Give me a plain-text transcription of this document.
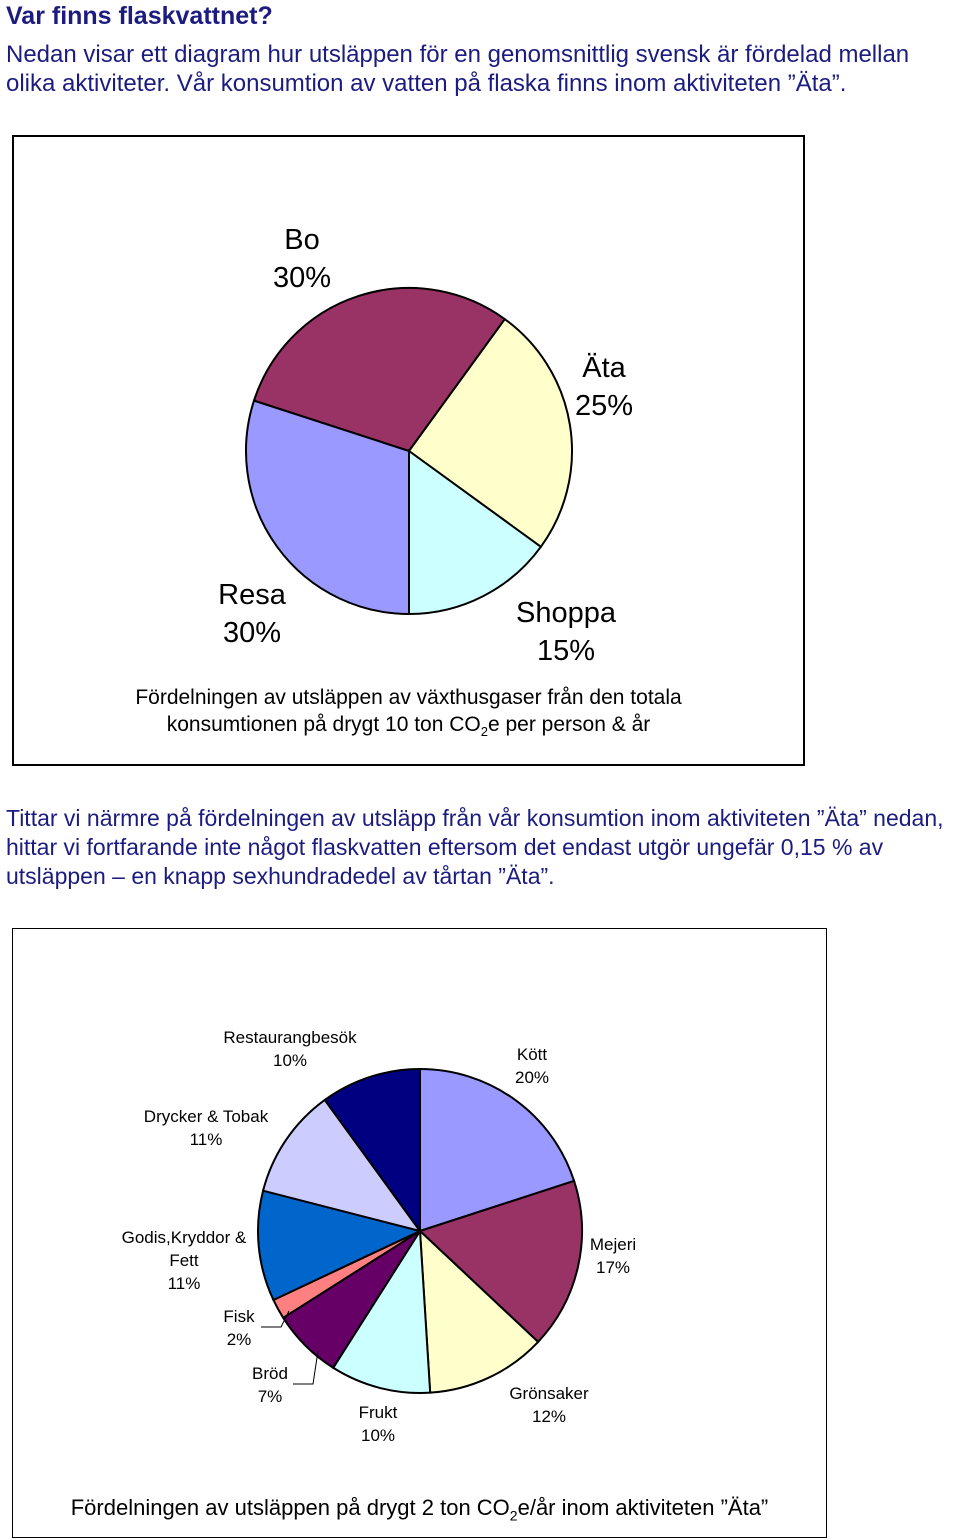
Var finns flaskvattnet?
Nedan visar ett diagram hur utsläppen för en genomsnittlig svensk är fördelad mellan olika aktiviteter. Vår konsumtion av vatten på flaska finns inom aktiviteten ”Äta”.
Bo 30%
Äta 25%
Shoppa 15%
Resa 30%
Fördelningen av utsläppen av växthusgaser från den totala
konsumtionen på drygt 10 ton $CO_2e$ per person & år
Tittar vi närmre på fördelningen av utsläpp från vår konsumtion inom aktiviteten ”Äta” nedan, hittar vi fortfarande inte något flaskvatten eftersom det endast utgör ungefär 0,15 % av utsläppen – en knapp sexhundradedel av tårtan ”Äta”.
Kött 20%
Mejeri 17%
Grönsaker 12%
Frukt 10%
Bröd 7%
Fisk 2%
Godis,Kryddor & Fett 11%
Drycker & Tobak 11%
Restaurangbesök 10%
Fördelningen av utsläppen på drygt 2 ton $CO_2e/år$ inom aktiviteten ”Äta”
